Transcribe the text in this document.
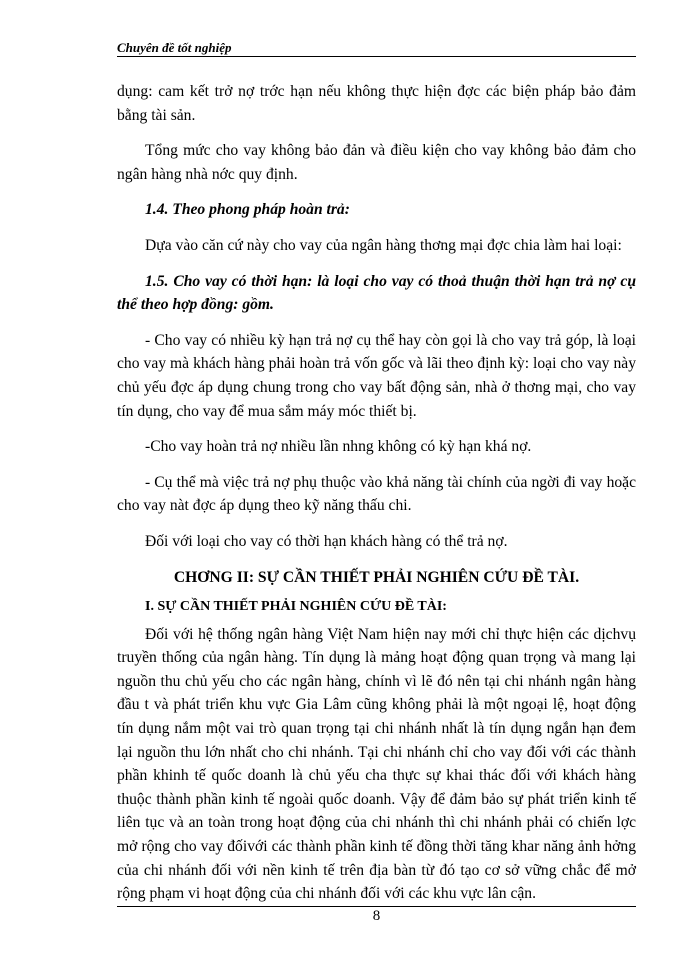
Chuyên đề tốt nghiệp

dụng: cam kết trở nợ trớc hạn nếu không thực hiện đợc các biện pháp bảo đảm bằng tài sản.

Tổng mức cho vay không bảo đản và điều kiện cho vay không bảo đảm cho ngân hàng nhà nớc quy định.

1.4. Theo phong pháp hoàn trả:

Dựa vào căn cứ này cho vay của ngân hàng thơng mại đợc chia làm hai loại:

1.5. Cho vay có thời hạn: là loại cho vay có thoả thuận thời hạn trả nợ cụ thể theo hợp đồng: gồm.

- Cho vay có nhiều kỳ hạn trả nợ cụ thể hay còn gọi là cho vay trả góp, là loại cho vay mà khách hàng phải hoàn trả vốn gốc và lãi theo định kỳ: loại cho vay này chủ yếu đợc áp dụng chung trong cho vay bất động sản, nhà ở thơng mại, cho vay tín dụng, cho vay để mua sắm máy móc thiết bị.

-Cho vay hoàn trả nợ nhiều lần nhng không có kỳ hạn khá nợ.

- Cụ thể mà việc trả nợ phụ thuộc vào khả năng tài chính của ngời đi vay hoặc cho vay nàt đợc áp dụng theo kỹ năng thấu chi.

Đối với loại cho vay có thời hạn khách hàng có thể trả nợ.

CHƠNG II: SỰ CẦN THIẾT PHẢI NGHIÊN CỨU ĐỀ TÀI.

I. SỰ CẦN THIẾT PHẢI NGHIÊN CỨU ĐỀ TÀI:

Đối với hệ thống ngân hàng Việt Nam hiện nay mới chỉ thực hiện các dịchvụ truyền thống của ngân hàng. Tín dụng là mảng hoạt động quan trọng và mang lại nguồn thu chủ yếu cho các ngân hàng, chính vì lẽ đó nên tại chi nhánh ngân hàng đầu t và phát triển khu vực Gia Lâm cũng không phải là một ngoại lệ, hoạt động tín dụng nắm một vai trò quan trọng tại chi nhánh nhất là tín dụng ngắn hạn đem lại nguồn thu lớn nhất cho chi nhánh. Tại chi nhánh chỉ cho vay đối với các thành phần khinh tế quốc doanh là chủ yếu cha thực sự khai thác đối với khách hàng thuộc thành phần kinh tế ngoài quốc doanh. Vậy để đảm bảo sự phát triển kinh tế liên tục và an toàn trong hoạt động của chi nhánh thì chi nhánh phải có chiến lợc mở rộng cho vay đốivới các thành phần kinh tế đồng thời tăng khar năng ảnh hởng của chi nhánh đối với nền kinh tế trên địa bàn từ đó tạo cơ sở vững chắc để mở rộng phạm vi hoạt động của chi nhánh đối với các khu vực lân cận.

8
